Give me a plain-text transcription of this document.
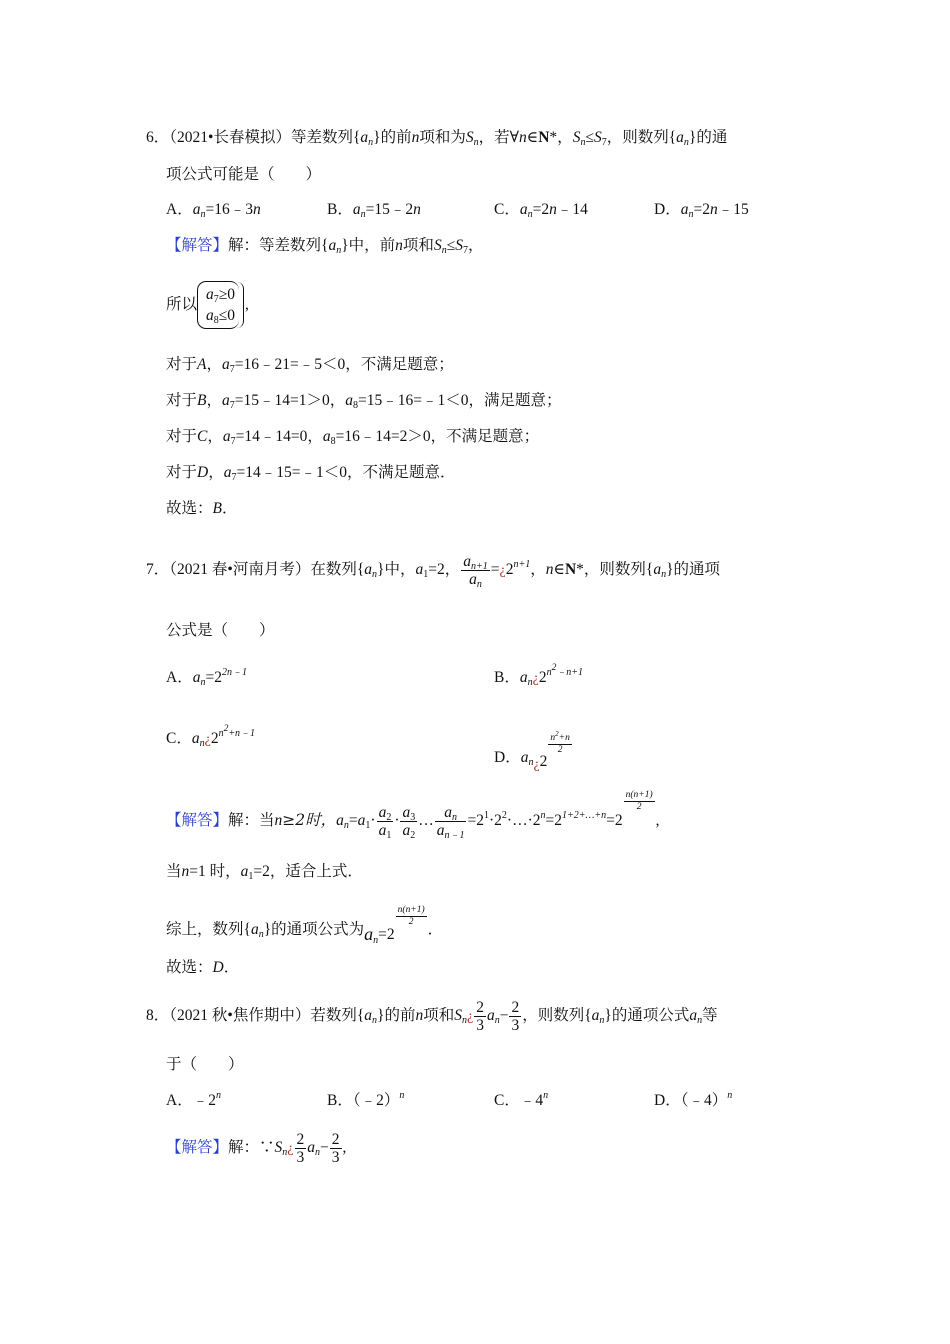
6．（2021•长春模拟）等差数列$\{a_n\}$的前n项和为$S_n$，若∀n∈N*，$S_n\le S_7$，则数列$\{a_n\}$的通
项公式可能是（　　）
A．$a_n=16﹣3n$	B．$a_n=15﹣2n$	C．$a_n=2n﹣14$	D．$a_n=2n﹣15$
【解答】解：等差数列$\{a_n\}$中，前n项和$S_n\le S_7$，
所以
$a_7\ge 0$
$a_8\le 0$
,
对于A，$a_7=16﹣21=﹣5<0$，不满足题意；
对于B，$a_7=15﹣14=1>0$，$a_8=15﹣16=﹣1<0$，满足题意；
对于C，$a_7=14﹣14=0$，$a_8=16﹣14=2>0$，不满足题意；
对于D，$a_7=14﹣15=﹣1<0$，不满足题意．
故选：B．
7．（2021 春•河南月考）在数列$\{a_n\}$中，$a_1=2$， $\frac{a_{n+1}}{a_n}$ $=¿2^{n+1}$，n∈N*，则数列$\{a_n\}$的通项
公式是（　　）
A．$a_n=2^{2n﹣1}$	B．$a_n¿2^{n2﹣n+1}$
C．$a_n¿2^{n2+n﹣1}$
D．$a_n¿2$
$\frac{n^2+n}{2}$
【解答】解：当n≥2时，$a_n=a_1\cdot \frac{a_2}{a_1} \cdot \frac{a_3}{a_2}$ … $\frac{a_n}{a_{n﹣1}}$ $=2^1\cdot 2^2\cdot\dots\cdot 2^n=2^{1+2+\dots+n}=2$
$\frac{n(n+1)}{2}$
,
当n=1 时，$a_1=2$，适合上式．
综上，数列$\{a_n\}$的通项公式为$a_n=2$
$\frac{n(n+1)}{2}$
．
故选：D．
8．（2021 秋•焦作期中）若数列$\{a_n\}$的前n项和$S_n¿ \frac{2}{3} a_n- \frac{2}{3}$ ，则数列$\{a_n\}$的通项公式$a_n$等
于（　　）
A．﹣2$^n$	B．（﹣2）$^n$	C．﹣4$^n$	D．（﹣4）$^n$
【解答】解：$\because S_n¿ \frac{2}{3} a_n- \frac{2}{3}$ ,
